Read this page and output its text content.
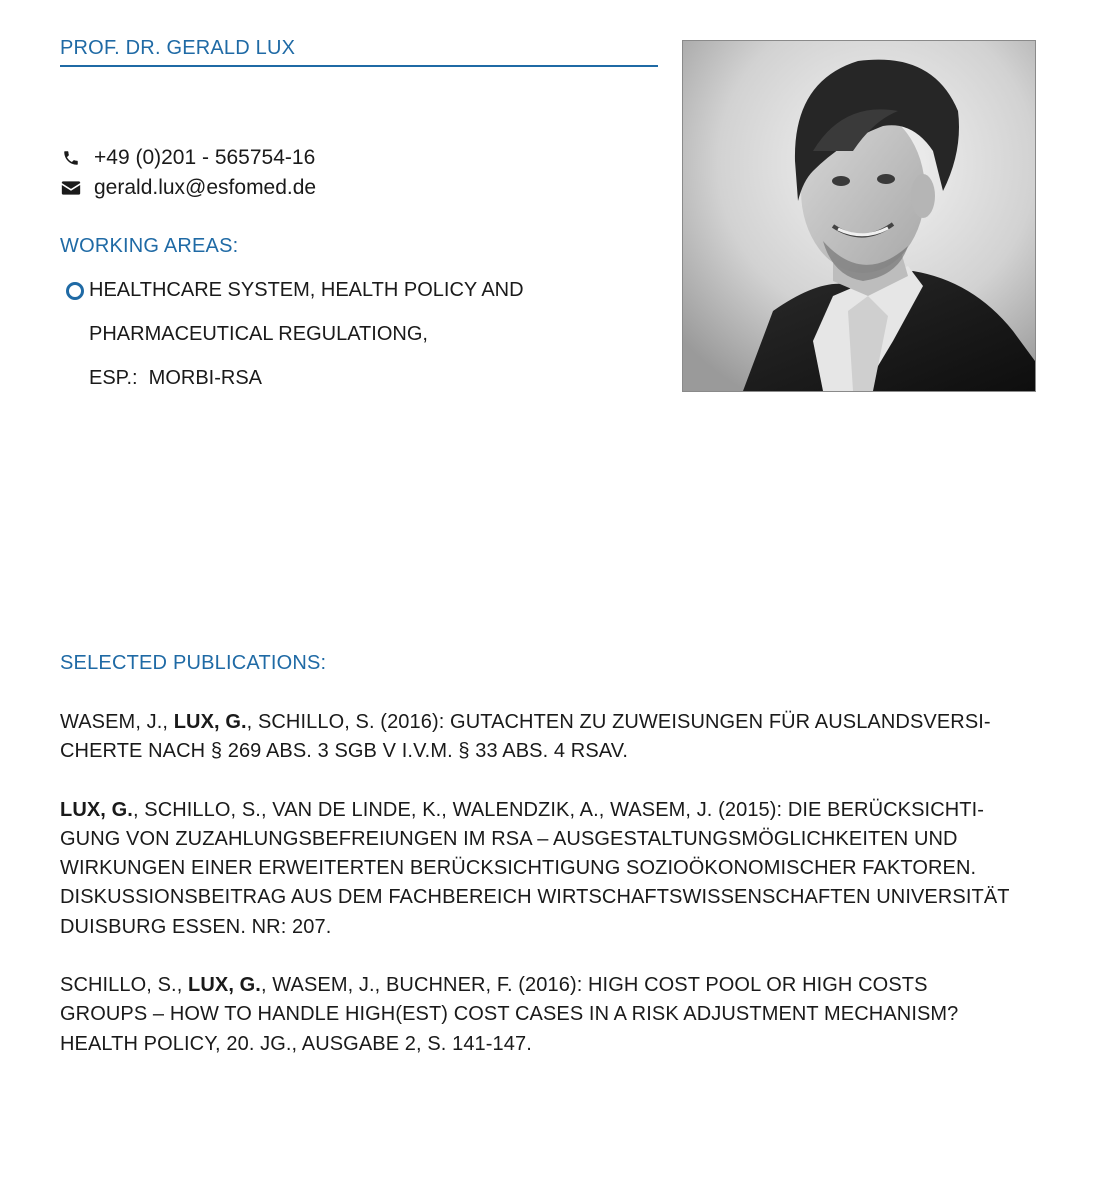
PROF. DR. GERALD LUX
+49 (0)201 - 565754-16
gerald.lux@esfomed.de
WORKING AREAS:
HEALTHCARE SYSTEM, HEALTH POLICY AND
PHARMACEUTICAL REGULATIONG,
ESP.:  MORBI-RSA
SELECTED PUBLICATIONS:

WASEM, J., LUX, G., SCHILLO, S. (2016): GUTACHTEN ZU ZUWEISUNGEN FÜR AUSLANDSVERSI-
CHERTE NACH § 269 ABS. 3 SGB V I.V.M. § 33 ABS. 4 RSAV.

LUX, G., SCHILLO, S., VAN DE LINDE, K., WALENDZIK, A., WASEM, J. (2015): DIE BERÜCKSICHTI-
GUNG VON ZUZAHLUNGSBEFREIUNGEN IM RSA – AUSGESTALTUNGSMÖGLICHKEITEN UND
WIRKUNGEN EINER ERWEITERTEN BERÜCKSICHTIGUNG SOZIOÖKONOMISCHER FAKTOREN.
DISKUSSIONSBEITRAG AUS DEM FACHBEREICH WIRTSCHAFTSWISSENSCHAFTEN UNIVERSITÄT
DUISBURG ESSEN. NR: 207.

SCHILLO, S., LUX, G., WASEM, J., BUCHNER, F. (2016): HIGH COST POOL OR HIGH COSTS
GROUPS – HOW TO HANDLE HIGH(EST) COST CASES IN A RISK ADJUSTMENT MECHANISM?
HEALTH POLICY, 20. JG., AUSGABE 2, S. 141-147.
